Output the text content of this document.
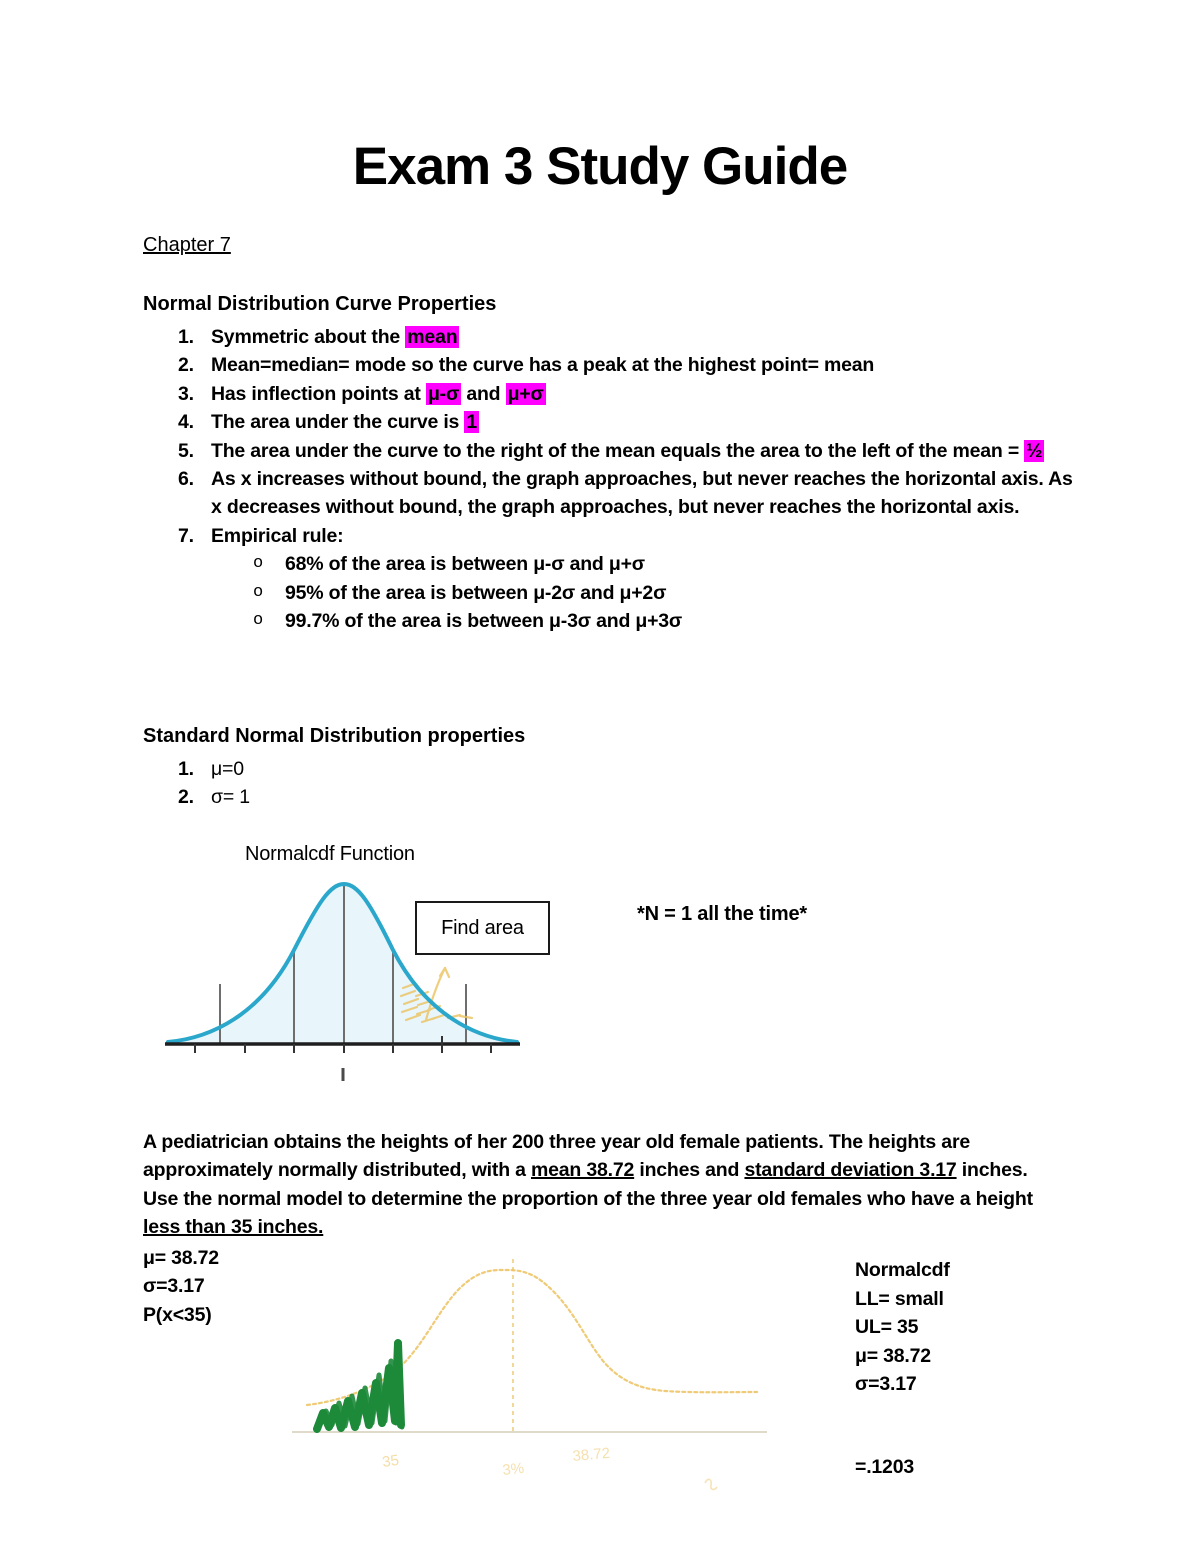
Exam 3 Study Guide
Chapter 7
Normal Distribution Curve Properties
1. Symmetric about the mean
2. Mean=median= mode so the curve has a peak at the highest point= mean
3. Has inflection points at μ-σ and μ+σ
4. The area under the curve is 1
5. The area under the curve to the right of the mean equals the area to the left of the mean = ½
6. As x increases without bound, the graph approaches, but never reaches the horizontal axis. As x decreases without bound, the graph approaches, but never reaches the horizontal axis.
7. Empirical rule:
o 68% of the area is between μ-σ and μ+σ
o 95% of the area is between μ-2σ and μ+2σ
o 99.7% of the area is between μ-3σ and μ+3σ
Standard Normal Distribution properties
1. μ=0
2. σ= 1
Normalcdf Function
Find area
*N = 1 all the time*
A pediatrician obtains the heights of her 200 three year old female patients. The heights are approximately normally distributed, with a mean 38.72 inches and standard deviation 3.17 inches. Use the normal model to determine the proportion of the three year old females who have a height less than 35 inches.
μ= 38.72
σ=3.17
P(x<35)
35	3%
38.72
Normalcdf
LL= small
UL= 35
μ= 38.72
σ=3.17
=.1203
